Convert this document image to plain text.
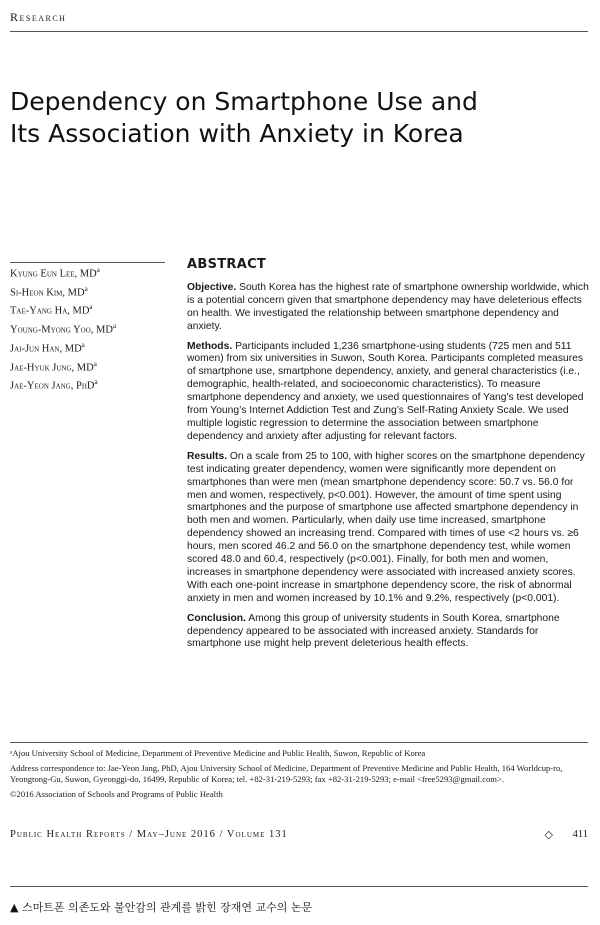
Research
Dependency on Smartphone Use and
Its Association with Anxiety in Korea
Kyung Eun Lee, $MD^a$
Si-Heon Kim, $MD^a$
Tae-Yang Ha, $MD^a$
Young-Myong Yoo, $MD^a$
Jai-Jun Han, $MD^a$
Jae-Hyuk Jung, $MD^a$
Jae-Yeon Jang, PhD$^a$
ABSTRACT

Objective. South Korea has the highest rate of smartphone ownership worldwide, which is a potential concern given that smartphone dependency may have deleterious effects on health. We investigated the relationship between smartphone dependency and anxiety.

Methods. Participants included 1,236 smartphone-using students (725 men and 511 women) from six universities in Suwon, South Korea. Participants completed measures of smartphone use, smartphone dependency, anxiety, and general characteristics (i.e., demographic, health-related, and socioeconomic characteristics). To measure smartphone dependency and anxiety, we used questionnaires of Yang’s test developed from Young’s Internet Addiction Test and Zung’s Self-Rating Anxiety Scale. We used multiple logistic regression to determine the association between smartphone dependency and anxiety after adjusting for relevant factors.

Results. On a scale from 25 to 100, with higher scores on the smartphone dependency test indicating greater dependency, women were significantly more dependent on smartphones than were men (mean smartphone dependency score: 50.7 vs. 56.0 for men and women, respectively, p<0.001). However, the amount of time spent using smartphones and the purpose of smartphone use affected smartphone dependency in both men and women. Particularly, when daily use time increased, smartphone dependency showed an increasing trend. Compared with times of use <2 hours vs. ≥6 hours, men scored 46.2 and 56.0 on the smartphone dependency test, while women scored 48.0 and 60.4, respectively (p<0.001). Finally, for both men and women, increases in smartphone dependency were associated with increased anxiety scores. With each one-point increase in smartphone dependency score, the risk of abnormal anxiety in men and women increased by 10.1% and 9.2%, respectively (p<0.001).

Conclusion. Among this group of university students in South Korea, smartphone dependency appeared to be associated with increased anxiety. Standards for smartphone use might help prevent deleterious health effects.

ᵃAjou University School of Medicine, Department of Preventive Medicine and Public Health, Suwon, Republic of Korea

Address correspondence to: Jae-Yeon Jang, PhD, Ajou University School of Medicine, Department of Preventive Medicine and Public Health, 164 Worldcup-ro, Yeongtong-Gu, Suwon, Gyeonggi-do, 16499, Republic of Korea; tel. +82-31-219-5293; fax +82-31-219-5293; e-mail <free5293@gmail.com>.

©2016 Association of Schools and Programs of Public Health

Public Health Reports / May–June 2016 / Volume 131	◇ 411
▲ 스마트폰 의존도와 불안감의 관계를 밝힌 장재연 교수의 논문
